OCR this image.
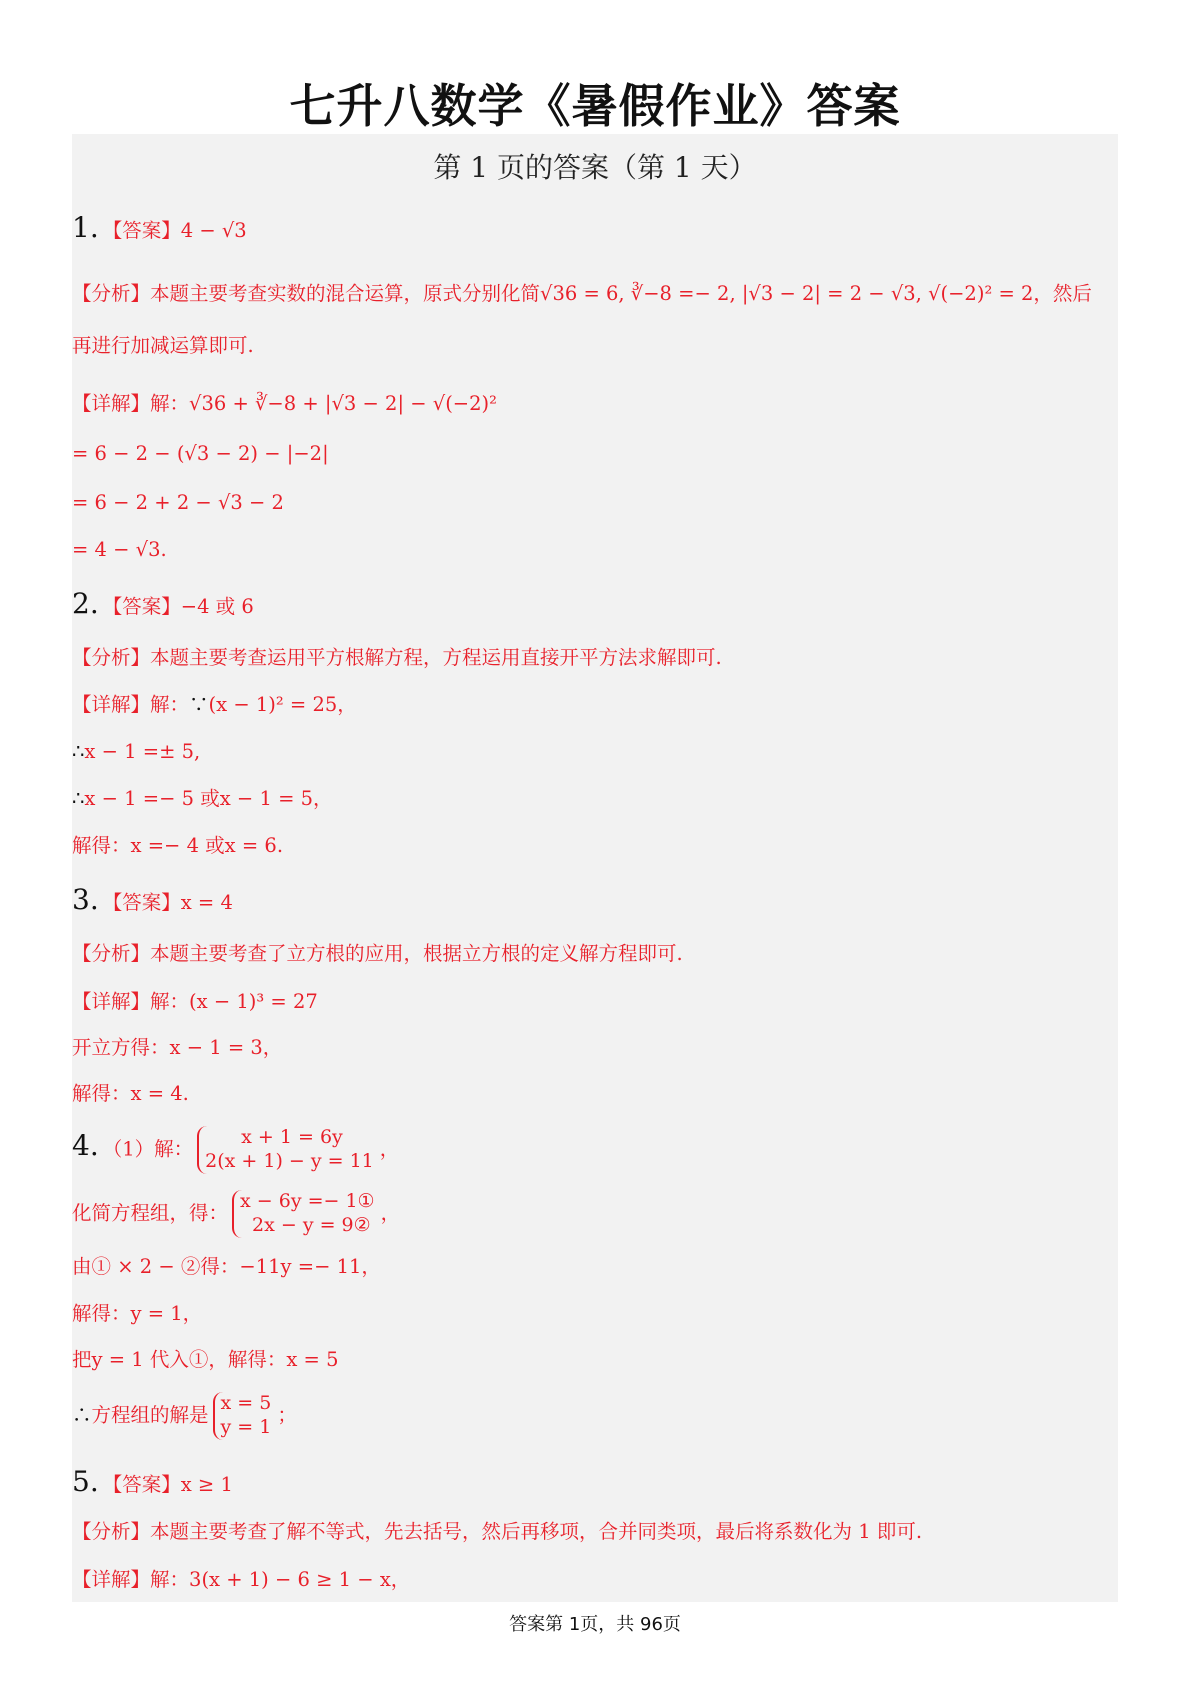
七升八数学《暑假作业》答案
第 1 页的答案（第 1 天）
1. 【答案】4 − √3
【分析】本题主要考查实数的混合运算，原式分别化简√36 = 6, ∛−8 =− 2, |√3 − 2| = 2 − √3, √(−2)² = 2，然后
再进行加减运算即可.
【详解】解：√36 + ∛−8 + |√3 − 2| − √(−2)²
= 6 − 2 − (√3 − 2) − |−2|
= 6 − 2 + 2 − √3 − 2
= 4 − √3.
2. 【答案】−4 或 6
【分析】本题主要考查运用平方根解方程，方程运用直接开平方法求解即可.
【详解】解：∵(x − 1)² = 25，
∴x − 1 =± 5,
∴x − 1 =− 5 或x − 1 = 5，
解得：x =− 4 或x = 6.
3. 【答案】x = 4
【分析】本题主要考查了立方根的应用，根据立方根的定义解方程即可.
【详解】解：(x − 1)³ = 27
开立方得：x − 1 = 3，
解得：x = 4.
4. （1）解：
x + 1 = 6y
2(x + 1) − y = 11
，
化简方程组，得：
x − 6y =− 1①
2x − y = 9②
，
由① × 2 − ②得：−11y =− 11，
解得：y = 1，
把y = 1 代入①，解得：x = 5
∴方程组的解是
x = 5
y = 1
；
5. 【答案】x ≥ 1
【分析】本题主要考查了解不等式，先去括号，然后再移项，合并同类项，最后将系数化为 1 即可.
【详解】解：3(x + 1) − 6 ≥ 1 − x，
答案第 1页，共 96页
